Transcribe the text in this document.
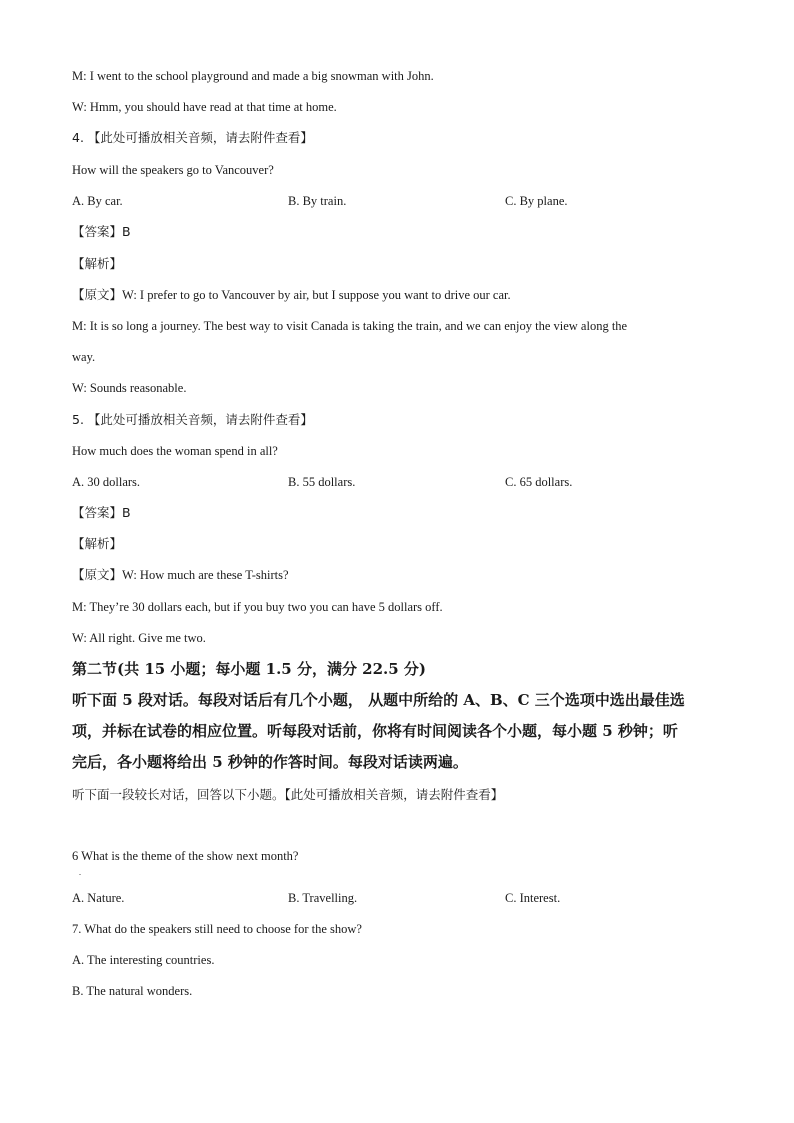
M: I went to the school playground and made a big snowman with John.
W: Hmm, you should have read at that time at home.
4. 【此处可播放相关音频，请去附件查看】
How will the speakers go to Vancouver?
A. By car.	B. By train.	C. By plane.
【答案】B
【解析】
【原文】W: I prefer to go to Vancouver by air, but I suppose you want to drive our car.
M: It is so long a journey. The best way to visit Canada is taking the train, and we can enjoy the view along the
way.
W: Sounds reasonable.
5. 【此处可播放相关音频，请去附件查看】
How much does the woman spend in all?
A. 30 dollars.	B. 55 dollars.	C. 65 dollars.
【答案】B
【解析】
【原文】W: How much are these T-shirts?
M: They’re 30 dollars each, but if you buy two you can have 5 dollars off.
W: All right. Give me two.
第二节(共 15 小题；每小题 1.5 分，满分 22.5 分)
听下面 5 段对话。每段对话后有几个小题， 从题中所给的 A、B、C 三个选项中选出最佳选
项，并标在试卷的相应位置。听每段对话前，你将有时间阅读各个小题，每小题 5 秒钟；听
完后，各小题将给出 5 秒钟的作答时间。每段对话读两遍。
听下面一段较长对话，回答以下小题。【此处可播放相关音频，请去附件查看】
6 What is the theme of the show next month?
.
A. Nature.	B. Travelling.	C. Interest.
7. What do the speakers still need to choose for the show?
A. The interesting countries.
B. The natural wonders.
